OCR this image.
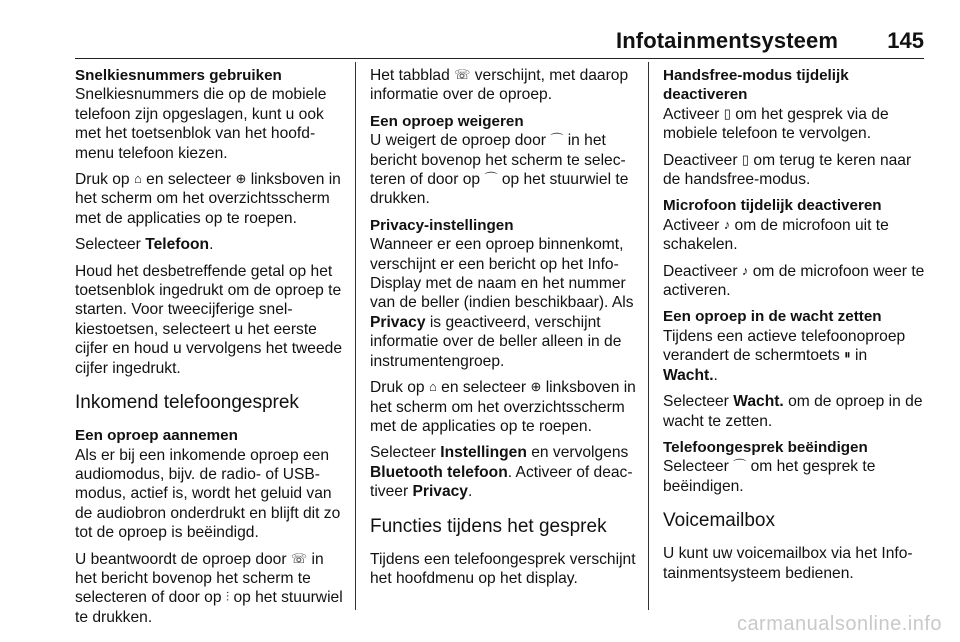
Infotainmentsysteem 145
Snelkiesnummers gebruiken

Snelkiesnummers die op de mobiele telefoon zijn opgeslagen, kunt u ook met het toetsenblok van het hoofdmenu telefoon kiezen.

Druk op ⌂ en selecteer ⊕ linksboven in het scherm om het overzichtsscherm met de applicaties op te roepen.

Selecteer Telefoon.

Houd het desbetreffende getal op het toetsenblok ingedrukt om de oproep te starten. Voor tweecijferige snelkiestoetsen, selecteert u het eerste cijfer en houd u vervolgens het tweede cijfer ingedrukt.

Inkomend telefoongesprek
Een oproep aannemen

Als er bij een inkomende oproep een audiomodus, bijv. de radio- of USB-modus, actief is, wordt het geluid van de audiobron onderdrukt en blijft dit zo tot de oproep is beëindigd.

U beantwoordt de oproep door ☏ in het bericht bovenop het scherm te selecteren of door op ⫶ op het stuurwiel te drukken.

Het tabblad ☏ verschijnt, met daarop informatie over de oproep.

Een oproep weigeren

U weigert de oproep door ⌒ in het bericht bovenop het scherm te selecteren of door op ⌒ op het stuurwiel te drukken.

Privacy-instellingen

Wanneer er een oproep binnenkomt, verschijnt er een bericht op het Info-Display met de naam en het nummer van de beller (indien beschikbaar). Als Privacy is geactiveerd, verschijnt informatie over de beller alleen in de instrumentengroep.

Druk op ⌂ en selecteer ⊕ linksboven in het scherm om het overzichtsscherm met de applicaties op te roepen.

Selecteer Instellingen en vervolgens Bluetooth telefoon. Activeer of deactiveer Privacy.

Functies tijdens het gesprek

Tijdens een telefoongesprek verschijnt het hoofdmenu op het display.

Handsfree-modus tijdelijk deactiveren

Activeer ▯ om het gesprek via de mobiele telefoon te vervolgen.

Deactiveer ▯ om terug te keren naar de handsfree-modus.

Microfoon tijdelijk deactiveren

Activeer ♪ om de microfoon uit te schakelen.

Deactiveer ♪ om de microfoon weer te activeren.

Een oproep in de wacht zetten

Tijdens een actieve telefoonoproep verandert de schermtoets ⏸ in
Wacht..

Selecteer Wacht. om de oproep in de wacht te zetten.

Telefoongesprek beëindigen

Selecteer ⌒ om het gesprek te beëindigen.

Voicemailbox

U kunt uw voicemailbox via het Infotainmentsysteem bedienen.

carmanualsonline.info
